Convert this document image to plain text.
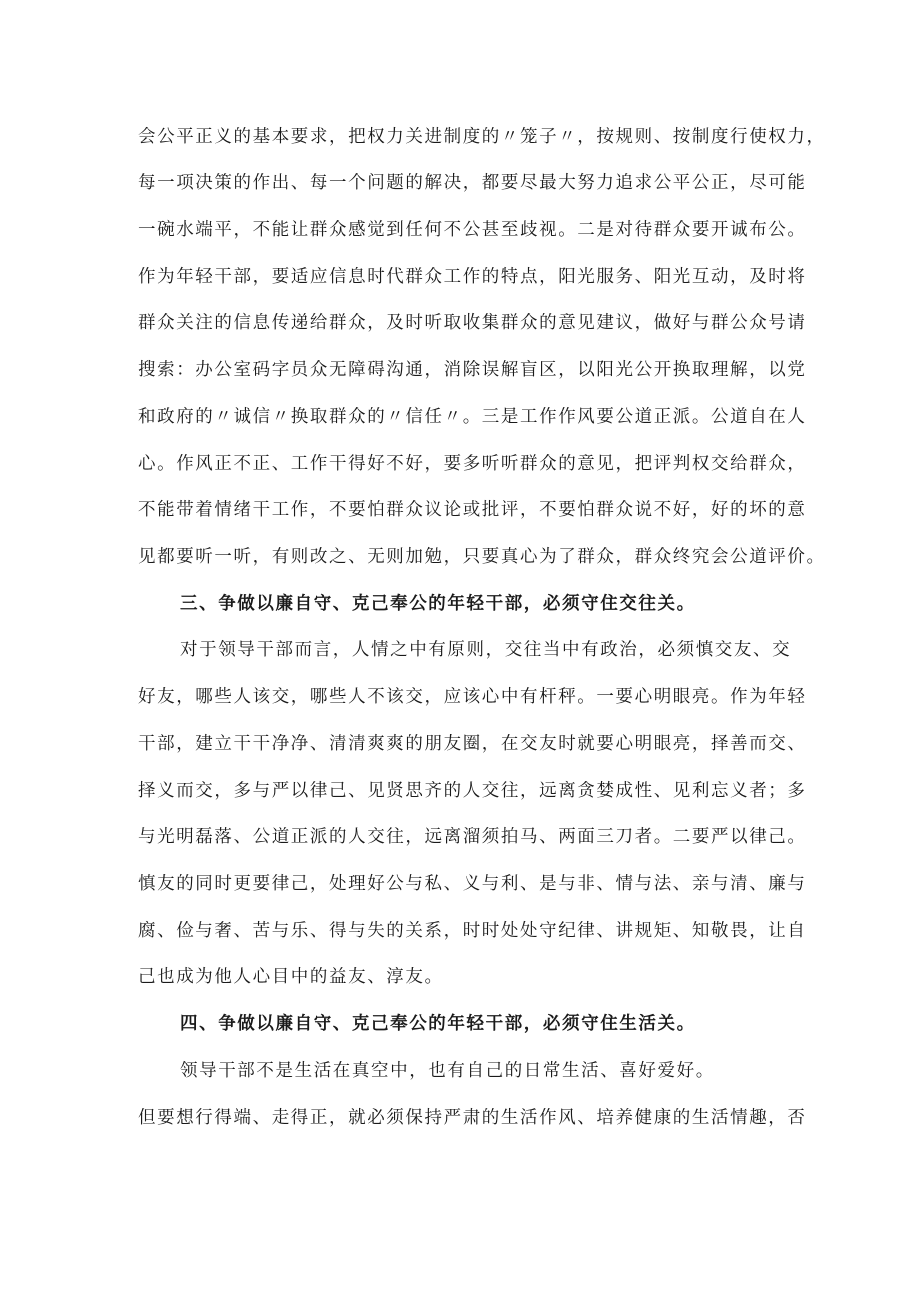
会公平正义的基本要求，把权力关进制度的〃笼子〃，按规则、按制度行使权力，
每一项决策的作出、每一个问题的解决，都要尽最大努力追求公平公正，尽可能
一碗水端平，不能让群众感觉到任何不公甚至歧视。二是对待群众要开诚布公。
作为年轻干部，要适应信息时代群众工作的特点，阳光服务、阳光互动，及时将
群众关注的信息传递给群众，及时听取收集群众的意见建议，做好与群公众号请
搜索：办公室码字员众无障碍沟通，消除误解盲区，以阳光公开换取理解，以党
和政府的〃诚信〃换取群众的〃信任〃。三是工作作风要公道正派。公道自在人
心。作风正不正、工作干得好不好，要多听听群众的意见，把评判权交给群众，
不能带着情绪干工作，不要怕群众议论或批评，不要怕群众说不好，好的坏的意
见都要听一听，有则改之、无则加勉，只要真心为了群众，群众终究会公道评价。
三、争做以廉自守、克己奉公的年轻干部，必须守住交往关。
对于领导干部而言，人情之中有原则，交往当中有政治，必须慎交友、交
好友，哪些人该交，哪些人不该交，应该心中有杆秤。一要心明眼亮。作为年轻
干部，建立干干净净、清清爽爽的朋友圈，在交友时就要心明眼亮，择善而交、
择义而交，多与严以律己、见贤思齐的人交往，远离贪婪成性、见利忘义者；多
与光明磊落、公道正派的人交往，远离溜须拍马、两面三刀者。二要严以律己。
慎友的同时更要律己，处理好公与私、义与利、是与非、情与法、亲与清、廉与
腐、俭与奢、苦与乐、得与失的关系，时时处处守纪律、讲规矩、知敬畏，让自
己也成为他人心目中的益友、淳友。
四、争做以廉自守、克己奉公的年轻干部，必须守住生活关。
领导干部不是生活在真空中，也有自己的日常生活、喜好爱好。
但要想行得端、走得正，就必须保持严肃的生活作风、培养健康的生活情趣，否
